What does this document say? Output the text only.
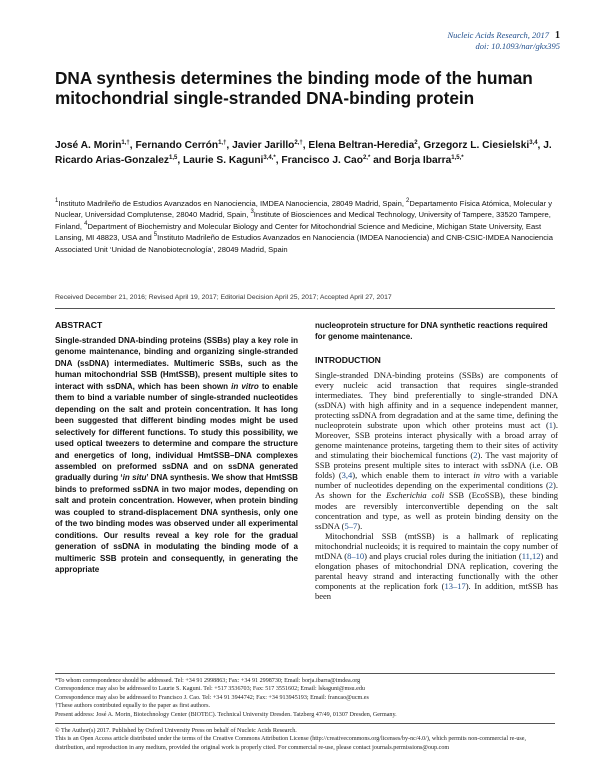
Nucleic Acids Research, 2017 1
doi: 10.1093/nar/gkx395
DNA synthesis determines the binding mode of the human mitochondrial single-stranded DNA-binding protein
José A. Morin$^{1,\dagger}$, Fernando Cerrón$^{1,\dagger}$, Javier Jarillo$^{2,\dagger}$, Elena Beltran-Heredia$^2$, Grzegorz L. Ciesielski$^{3,4}$, J. Ricardo Arias-Gonzalez$^{1,5}$, Laurie S. Kaguni$^{3,4,*}$, Francisco J. Cao$^{2,*}$ and Borja Ibarra$^{1,5,*}$
$^1$Instituto Madrileño de Estudios Avanzados en Nanociencia, IMDEA Nanociencia, 28049 Madrid, Spain, $^2$Departamento Física Atómica, Molecular y Nuclear, Universidad Complutense, 28040 Madrid, Spain, $^3$Institute of Biosciences and Medical Technology, University of Tampere, 33520 Tampere, Finland, $^4$Department of Biochemistry and Molecular Biology and Center for Mitochondrial Science and Medicine, Michigan State University, East Lansing, MI 48823, USA and $^5$Instituto Madrileño de Estudios Avanzados en Nanociencia (IMDEA Nanociencia) and CNB-CSIC-IMDEA Nanociencia Associated Unit ‘Unidad de Nanobiotecnología’, 28049 Madrid, Spain
Received December 21, 2016; Revised April 19, 2017; Editorial Decision April 25, 2017; Accepted April 27, 2017
ABSTRACT

Single-stranded DNA-binding proteins (SSBs) play a key role in genome maintenance, binding and organizing single-stranded DNA (ssDNA) intermediates. Multimeric SSBs, such as the human mitochondrial SSB (HmtSSB), present multiple sites to interact with ssDNA, which has been shown in vitro to enable them to bind a variable number of single-stranded nucleotides depending on the salt and protein concentration. It has long been suggested that different binding modes might be used selectively for different functions. To study this possibility, we used optical tweezers to determine and compare the structure and energetics of long, individual HmtSSB–DNA complexes assembled on preformed ssDNA and on ssDNA generated gradually during ‘in situ’ DNA synthesis. We show that HmtSSB binds to preformed ssDNA in two major modes, depending on salt and protein concentration. However, when protein binding was coupled to strand-displacement DNA synthesis, only one of the two binding modes was observed under all experimental conditions. Our results reveal a key role for the gradual generation of ssDNA in modulating the binding mode of a multimeric SSB protein and consequently, in generating the appropriate

nucleoprotein structure for DNA synthetic reactions required for genome maintenance.

INTRODUCTION

Single-stranded DNA-binding proteins (SSBs) are components of every nucleic acid transaction that requires single-stranded intermediates. They bind preferentially to single-stranded DNA (ssDNA) with high affinity and in a sequence independent manner, protecting ssDNA from degradation and at the same time, defining the nucleoprotein substrate upon which other proteins must act (1). Moreover, SSB proteins interact physically with a broad array of genome maintenance proteins, targeting them to their sites of activity and stimulating their biochemical functions (2). The vast majority of SSB proteins present multiple sites to interact with ssDNA (i.e. OB folds) (3,4), which enable them to interact in vitro with a variable number of nucleotides depending on the experimental conditions (2). As shown for the Escherichia coli SSB (EcoSSB), these binding modes are reversibly interconvertible depending on the salt concentration and type, as well as protein binding density on the ssDNA (5–7).

Mitochondrial SSB (mtSSB) is a hallmark of replicating mitochondrial nucleoids; it is required to maintain the copy number of mtDNA (8–10) and plays crucial roles during the initiation (11,12) and elongation phases of mitochondrial DNA replication, covering the parental heavy strand and interacting functionally with the other components at the replication fork (13–17). In addition, mtSSB has been

*To whom correspondence should be addressed. Tel: +34 91 2998863; Fax: +34 91 2998730; Email: borja.ibarra@imdea.org

Correspondence may also be addressed to Laurie S. Kaguni. Tel: +517 3536703; Fax: 517 3551602; Email: lskaguni@msu.edu

Correspondence may also be addressed to Francisco J. Cao. Tel: +34 91 3944742; Fax: +34 913945193; Email: francao@ucm.es

†These authors contributed equally to the paper as first authors.

Present address: José A. Morin, Biotechnology Center (BIOTEC). Technical University Dresden. Tatzberg 47/49, 01307 Dresden, Germany.

© The Author(s) 2017. Published by Oxford University Press on behalf of Nucleic Acids Research.

This is an Open Access article distributed under the terms of the Creative Commons Attribution License (http://creativecommons.org/licenses/by-nc/4.0/), which permits non-commercial re-use, distribution, and reproduction in any medium, provided the original work is properly cited. For commercial re-use, please contact journals.permissions@oup.com
